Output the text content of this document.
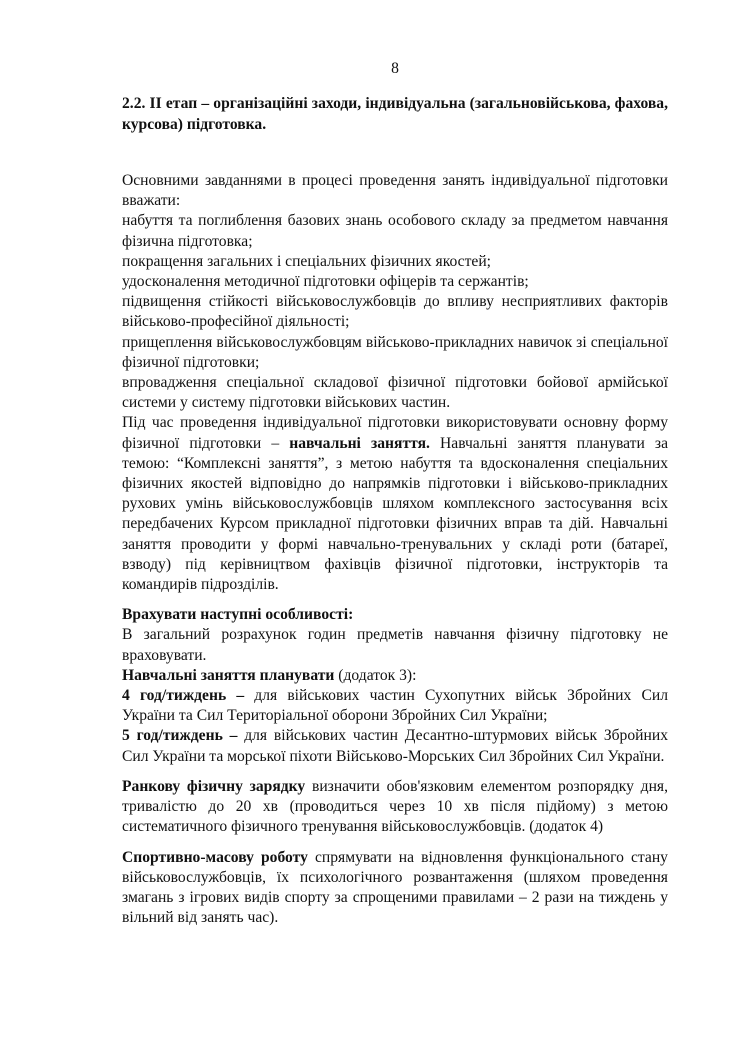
8
2.2. II етап – організаційні заходи, індивідуальна (загальновійськова, фахова, курсова) підготовка.

Основними завданнями в процесі проведення занять індивідуальної підготовки вважати:

набуття та поглиблення базових знань особового складу за предметом навчання фізична підготовка;

покращення загальних і спеціальних фізичних якостей;

удосконалення методичної підготовки офіцерів та сержантів;

підвищення стійкості військовослужбовців до впливу несприятливих факторів військово-професійної діяльності;

прищеплення військовослужбовцям військово-прикладних навичок зі спеціальної фізичної підготовки;

впровадження спеціальної складової фізичної підготовки бойової армійської системи у систему підготовки військових частин.

Під час проведення індивідуальної підготовки використовувати основну форму фізичної підготовки – навчальні заняття. Навчальні заняття планувати за темою: “Комплексні заняття”, з метою набуття та вдосконалення спеціальних фізичних якостей відповідно до напрямків підготовки і військово-прикладних рухових умінь військовослужбовців шляхом комплексного застосування всіх передбачених Курсом прикладної підготовки фізичних вправ та дій. Навчальні заняття проводити у формі навчально-тренувальних у складі роти (батареї, взводу) під керівництвом фахівців фізичної підготовки, інструкторів та командирів підрозділів.

Врахувати наступні особливості:

В загальний розрахунок годин предметів навчання фізичну підготовку не враховувати.

Навчальні заняття планувати (додаток 3):

4 год/тиждень – для військових частин Сухопутних військ Збройних Сил України та Сил Територіальної оборони Збройних Сил України;

5 год/тиждень – для військових частин Десантно-штурмових військ Збройних Сил України та морської піхоти Військово-Морських Сил Збройних Сил України.

Ранкову фізичну зарядку визначити обов'язковим елементом розпорядку дня, тривалістю до 20 хв (проводиться через 10 хв після підйому) з метою систематичного фізичного тренування військовослужбовців. (додаток 4)

Спортивно-масову роботу спрямувати на відновлення функціонального стану військовослужбовців, їх психологічного розвантаження (шляхом проведення змагань з ігрових видів спорту за спрощеними правилами – 2 рази на тиждень у вільний від занять час).
